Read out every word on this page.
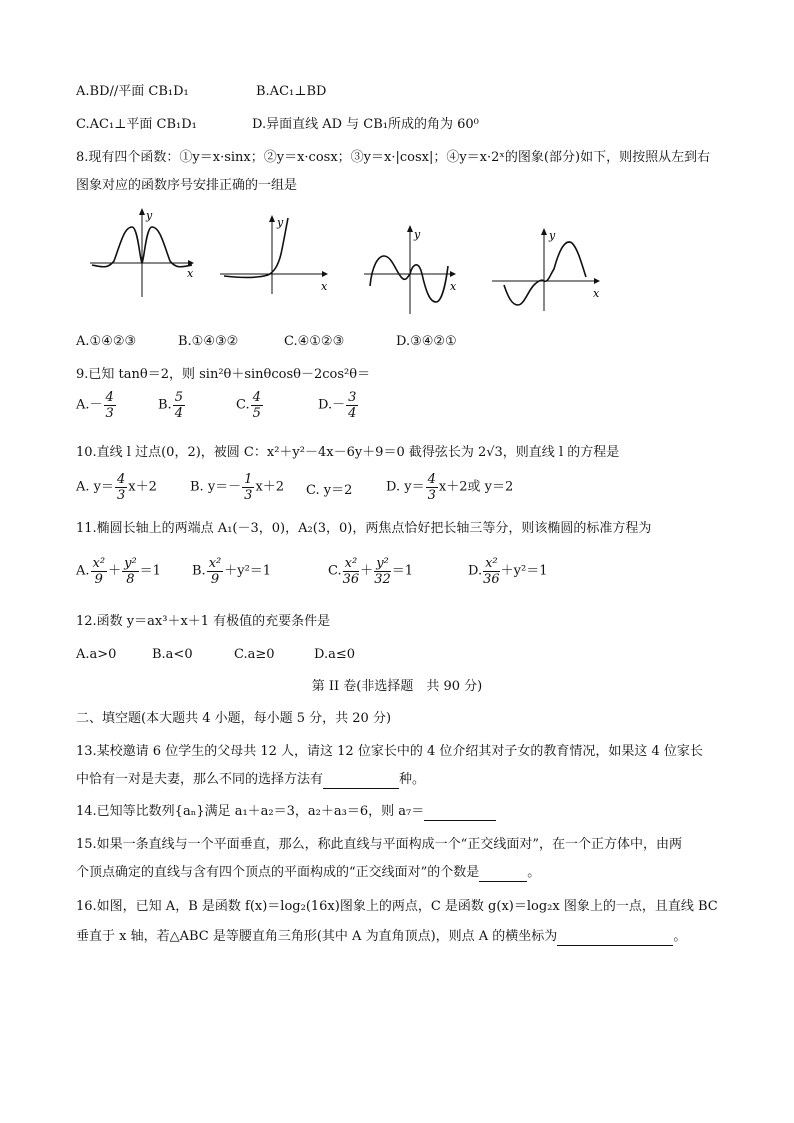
A.BD//平面 CB₁D₁	B.AC₁⊥BD
C.AC₁⊥平面 CB₁D₁	D.异面直线 AD 与 CB₁所成的角为 60⁰
8.现有四个函数：①y＝x·sinx；②y＝x·cosx；③y＝x·|cosx|；④y＝x·2ˣ的图象(部分)如下，则按照从左到右
图象对应的函数序号安排正确的一组是
y
x
y
x
y
x
y
x
A.①④②③	B.①④③②	C.④①②③	D.③④②①
9.已知 tanθ＝2，则 sin²θ＋sinθcosθ－2cos²θ＝
$A.- \frac{4}{3}$	B. $\frac{5}{4}$	C. $\frac{4}{5}$	$D.- \frac{3}{4}$
10.直线 l 过点(0，2)，被圆 C：x²＋y²－4x－6y＋9＝0 截得弦长为 2√3，则直线 l 的方程是
A. $y= \frac{4}{3} x+2$	B. $y=- \frac{1}{3} x+2$ C. y＝2	D. $y= \frac{4}{3} x+2$或 y＝2
11.椭圆长轴上的两端点 A₁(－3，0)，A₂(3，0)，两焦点恰好把长轴三等分，则该椭圆的标准方程为
A. $\frac{\text{x²}}{9} + \frac{\text{y²}}{8} =1$ B. $\frac{\text{x²}}{9} +y^2=1$	C. $\frac{\text{x²}}{36} + \frac{\text{y²}}{32} =1$	D. $\frac{\text{x²}}{36} +y^2=1$
12.函数 y＝ax³＋x＋1 有极值的充要条件是
A.a>0	B.a<0	C.a≥0	D.a≤0
第 II 卷(非选择题　共 90 分)
二、填空题(本大题共 4 小题，每小题 5 分，共 20 分)
13.某校邀请 6 位学生的父母共 12 人，请这 12 位家长中的 4 位介绍其对子女的教育情况，如果这 4 位家长
中恰有一对是夫妻，那么不同的选择方法有	种。
14.已知等比数列{aₙ}满足 a₁＋a₂＝3，a₂＋a₃＝6，则 a₇＝
15.如果一条直线与一个平面垂直，那么，称此直线与平面构成一个“正交线面对”，在一个正方体中，由两
个顶点确定的直线与含有四个顶点的平面构成的“正交线面对”的个数是	。
16.如图，已知 A，B 是函数 f(x)＝log₂(16x)图象上的两点，C 是函数 g(x)＝log₂x 图象上的一点，且直线 BC
垂直于 x 轴，若△ABC 是等腰直角三角形(其中 A 为直角顶点)，则点 A 的横坐标为	。
